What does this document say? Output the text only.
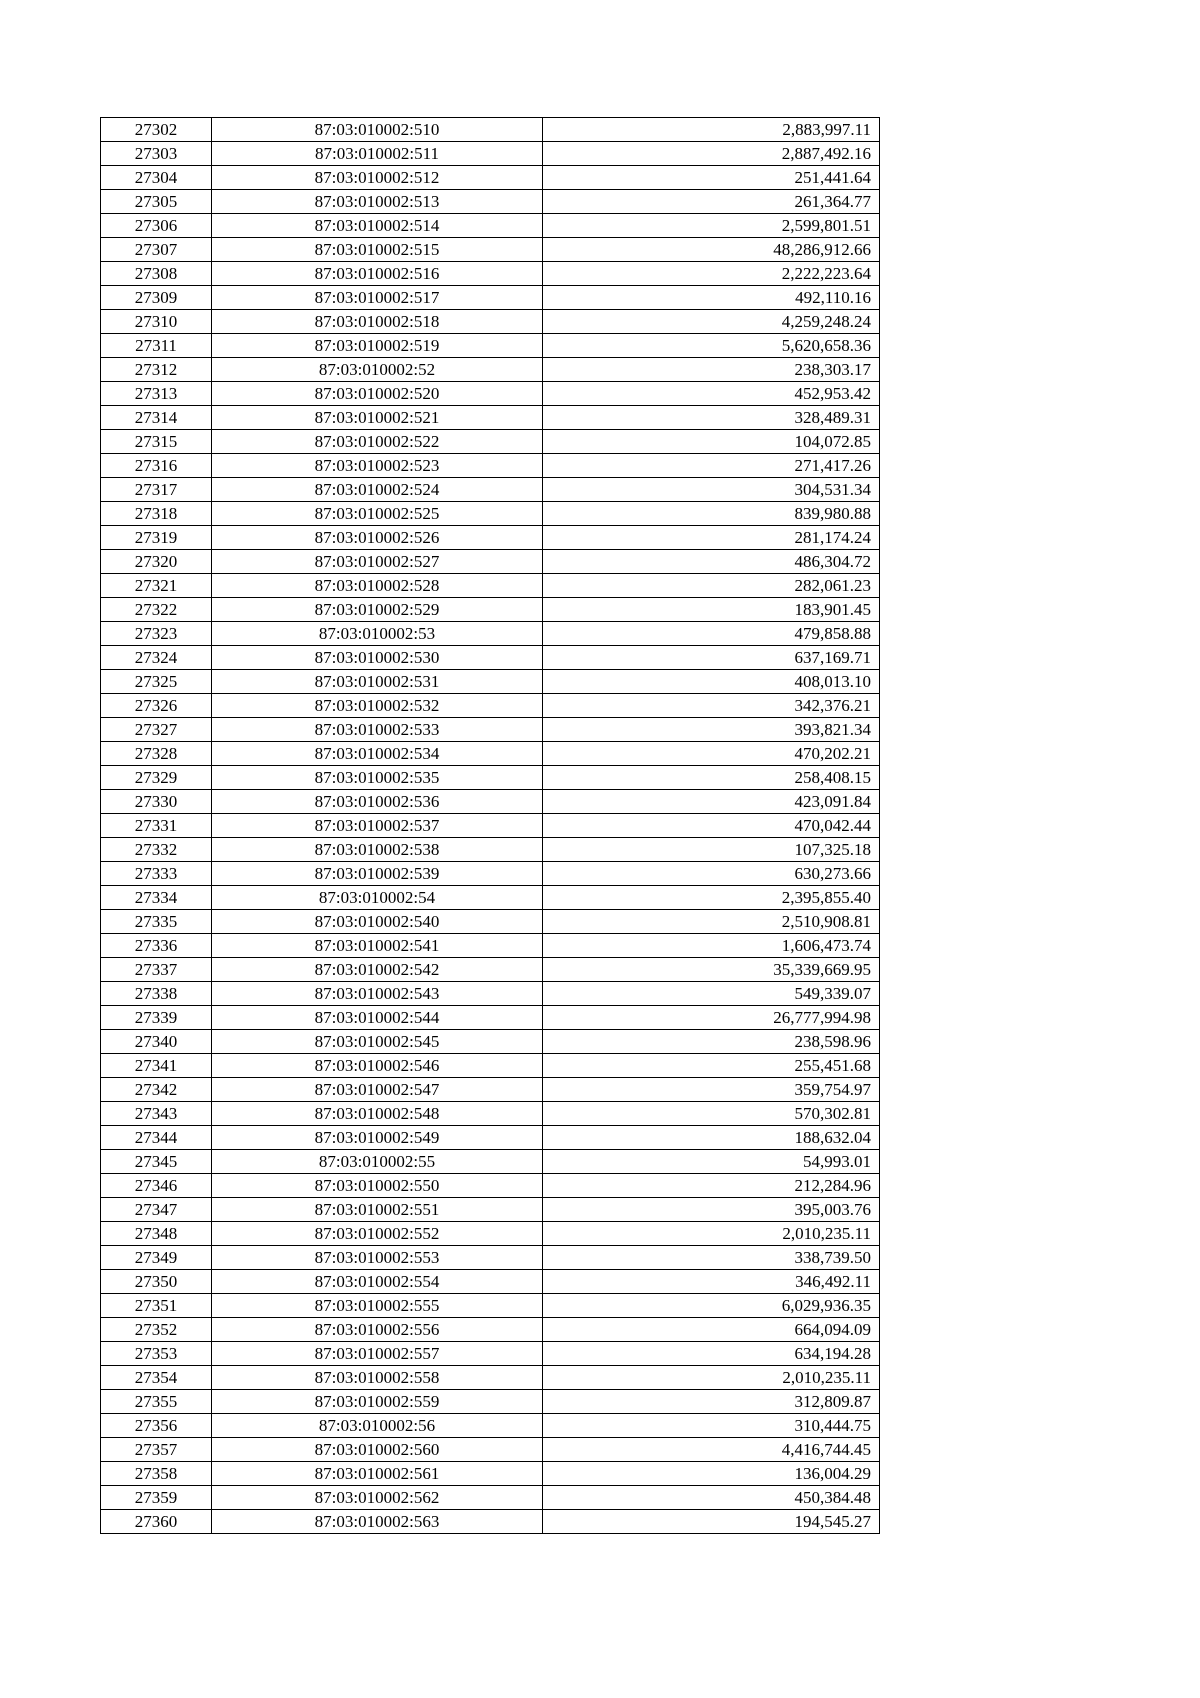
27302	87:03:010002:510	2,883,997.11
27303	87:03:010002:511	2,887,492.16
27304	87:03:010002:512	251,441.64
27305	87:03:010002:513	261,364.77
27306	87:03:010002:514	2,599,801.51
27307	87:03:010002:515	48,286,912.66
27308	87:03:010002:516	2,222,223.64
27309	87:03:010002:517	492,110.16
27310	87:03:010002:518	4,259,248.24
27311	87:03:010002:519	5,620,658.36
27312	87:03:010002:52	238,303.17
27313	87:03:010002:520	452,953.42
27314	87:03:010002:521	328,489.31
27315	87:03:010002:522	104,072.85
27316	87:03:010002:523	271,417.26
27317	87:03:010002:524	304,531.34
27318	87:03:010002:525	839,980.88
27319	87:03:010002:526	281,174.24
27320	87:03:010002:527	486,304.72
27321	87:03:010002:528	282,061.23
27322	87:03:010002:529	183,901.45
27323	87:03:010002:53	479,858.88
27324	87:03:010002:530	637,169.71
27325	87:03:010002:531	408,013.10
27326	87:03:010002:532	342,376.21
27327	87:03:010002:533	393,821.34
27328	87:03:010002:534	470,202.21
27329	87:03:010002:535	258,408.15
27330	87:03:010002:536	423,091.84
27331	87:03:010002:537	470,042.44
27332	87:03:010002:538	107,325.18
27333	87:03:010002:539	630,273.66
27334	87:03:010002:54	2,395,855.40
27335	87:03:010002:540	2,510,908.81
27336	87:03:010002:541	1,606,473.74
27337	87:03:010002:542	35,339,669.95
27338	87:03:010002:543	549,339.07
27339	87:03:010002:544	26,777,994.98
27340	87:03:010002:545	238,598.96
27341	87:03:010002:546	255,451.68
27342	87:03:010002:547	359,754.97
27343	87:03:010002:548	570,302.81
27344	87:03:010002:549	188,632.04
27345	87:03:010002:55	54,993.01
27346	87:03:010002:550	212,284.96
27347	87:03:010002:551	395,003.76
27348	87:03:010002:552	2,010,235.11
27349	87:03:010002:553	338,739.50
27350	87:03:010002:554	346,492.11
27351	87:03:010002:555	6,029,936.35
27352	87:03:010002:556	664,094.09
27353	87:03:010002:557	634,194.28
27354	87:03:010002:558	2,010,235.11
27355	87:03:010002:559	312,809.87
27356	87:03:010002:56	310,444.75
27357	87:03:010002:560	4,416,744.45
27358	87:03:010002:561	136,004.29
27359	87:03:010002:562	450,384.48
27360	87:03:010002:563	194,545.27
